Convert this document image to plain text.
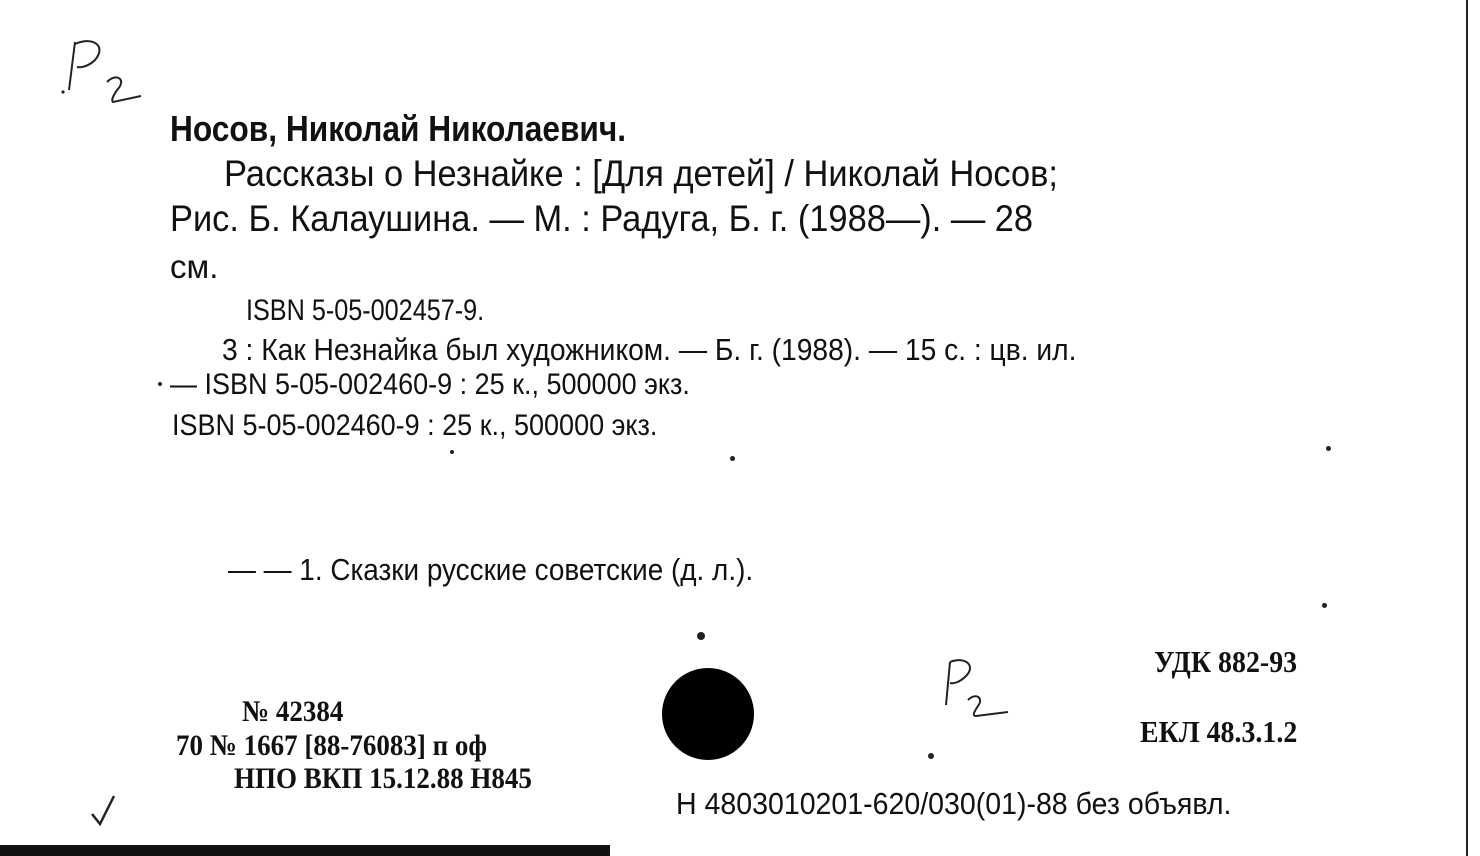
Носов, Николай Николаевич.
Рассказы о Незнайке : [Для детей] / Николай Носов;
Рис. Б. Калаушина. — М. : Радуга, Б. г. (1988—). — 28
см.
ISBN 5-05-002457-9.
3 : Как Незнайка был художником. — Б. г. (1988). — 15 с. : цв. ил.
— ISBN 5-05-002460-9 : 25 к., 500000 экз.
ISBN 5-05-002460-9 : 25 к., 500000 экз.
— — 1. Сказки русские советские (д. л.).
УДК 882-93
ЕКЛ 48.3.1.2
№ 42384
70 № 1667 [88-76083] п оф
НПО ВКП 15.12.88 Н845
Н 4803010201-620/030(01)-88 без объявл.
